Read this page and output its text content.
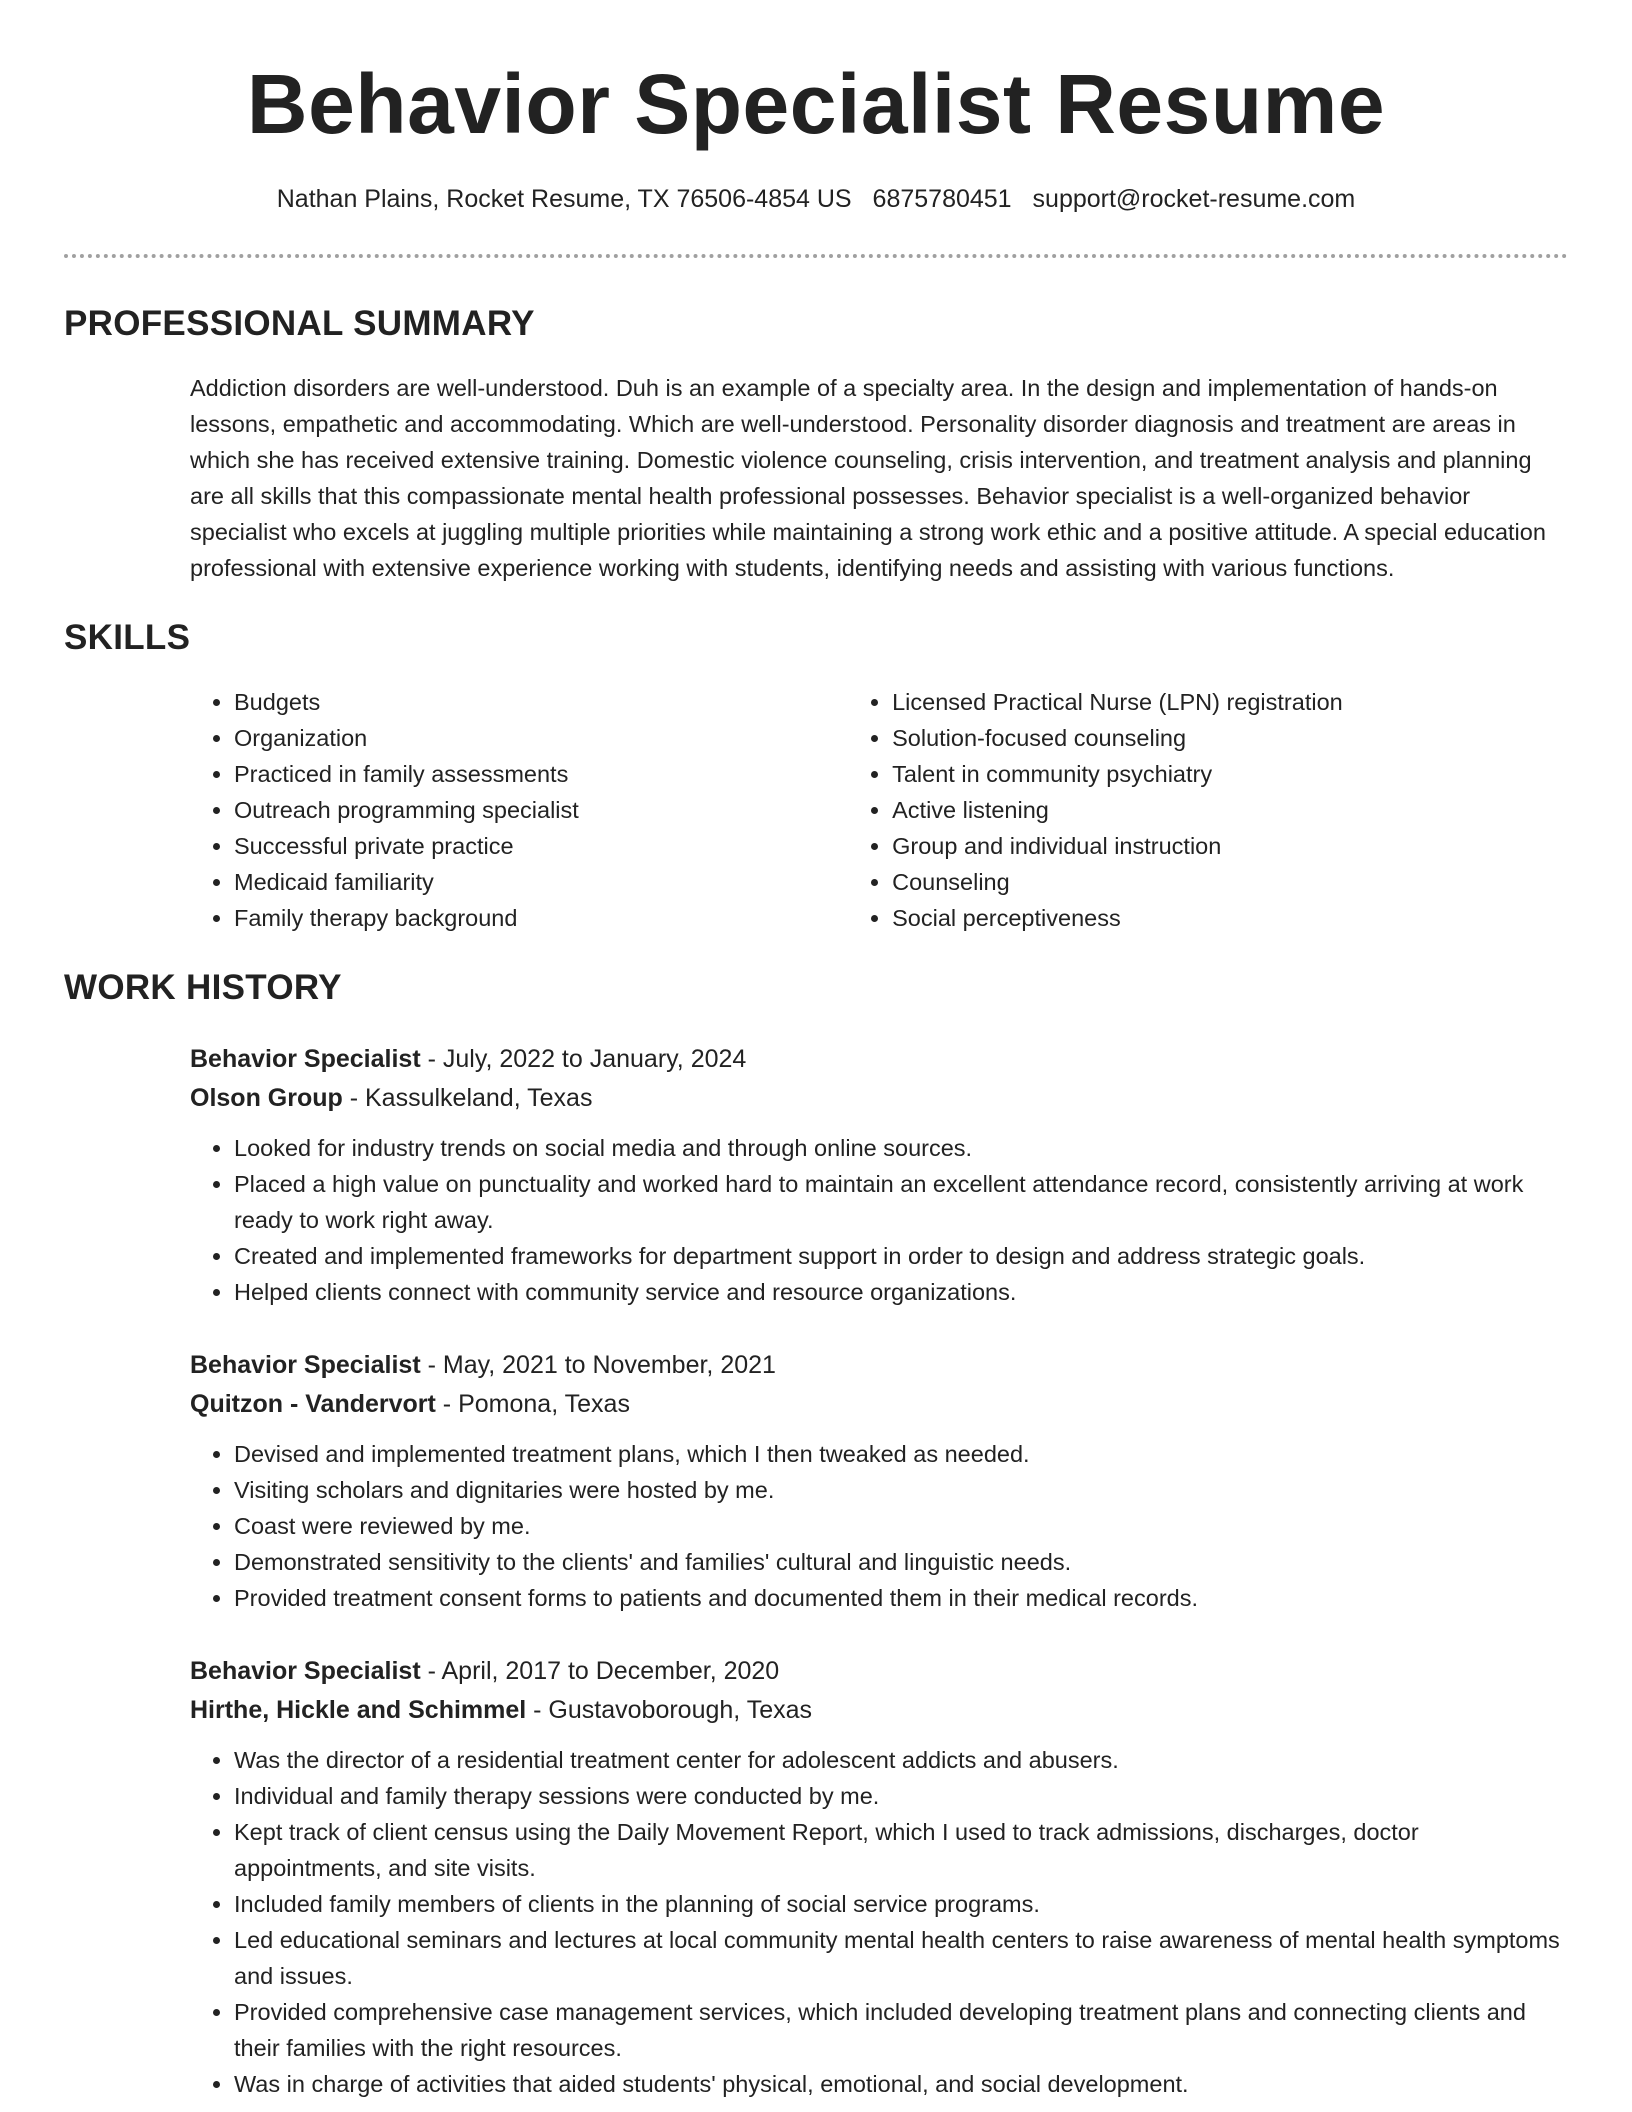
Behavior Specialist Resume
Nathan Plains, Rocket Resume, TX 76506-4854 US 6875780451 support@rocket-resume.com
PROFESSIONAL SUMMARY

Addiction disorders are well-understood. Duh is an example of a specialty area. In the design and implementation of hands-on lessons, empathetic and accommodating. Which are well-understood. Personality disorder diagnosis and treatment are areas in which she has received extensive training. Domestic violence counseling, crisis intervention, and treatment analysis and planning are all skills that this compassionate mental health professional possesses. Behavior specialist is a well-organized behavior specialist who excels at juggling multiple priorities while maintaining a strong work ethic and a positive attitude. A special education professional with extensive experience working with students, identifying needs and assisting with various functions.

SKILLS
• Budgets
• Organization
• Practiced in family assessments
• Outreach programming specialist
• Successful private practice
• Medicaid familiarity
• Family therapy background
• Licensed Practical Nurse (LPN) registration
• Solution-focused counseling
• Talent in community psychiatry
• Active listening
• Group and individual instruction
• Counseling
• Social perceptiveness
WORK HISTORY
Behavior Specialist - July, 2022 to January, 2024
Olson Group - Kassulkeland, Texas
• Looked for industry trends on social media and through online sources.
• Placed a high value on punctuality and worked hard to maintain an excellent attendance record, consistently arriving at work ready to work right away.
• Created and implemented frameworks for department support in order to design and address strategic goals.
• Helped clients connect with community service and resource organizations.
Behavior Specialist - May, 2021 to November, 2021
Quitzon - Vandervort - Pomona, Texas
• Devised and implemented treatment plans, which I then tweaked as needed.
• Visiting scholars and dignitaries were hosted by me.
• Coast were reviewed by me.
• Demonstrated sensitivity to the clients' and families' cultural and linguistic needs.
• Provided treatment consent forms to patients and documented them in their medical records.
Behavior Specialist - April, 2017 to December, 2020
Hirthe, Hickle and Schimmel - Gustavoborough, Texas
• Was the director of a residential treatment center for adolescent addicts and abusers.
• Individual and family therapy sessions were conducted by me.
• Kept track of client census using the Daily Movement Report, which I used to track admissions, discharges, doctor appointments, and site visits.
• Included family members of clients in the planning of social service programs.
• Led educational seminars and lectures at local community mental health centers to raise awareness of mental health symptoms and issues.
• Provided comprehensive case management services, which included developing treatment plans and connecting clients and their families with the right resources.
• Was in charge of activities that aided students' physical, emotional, and social development.
